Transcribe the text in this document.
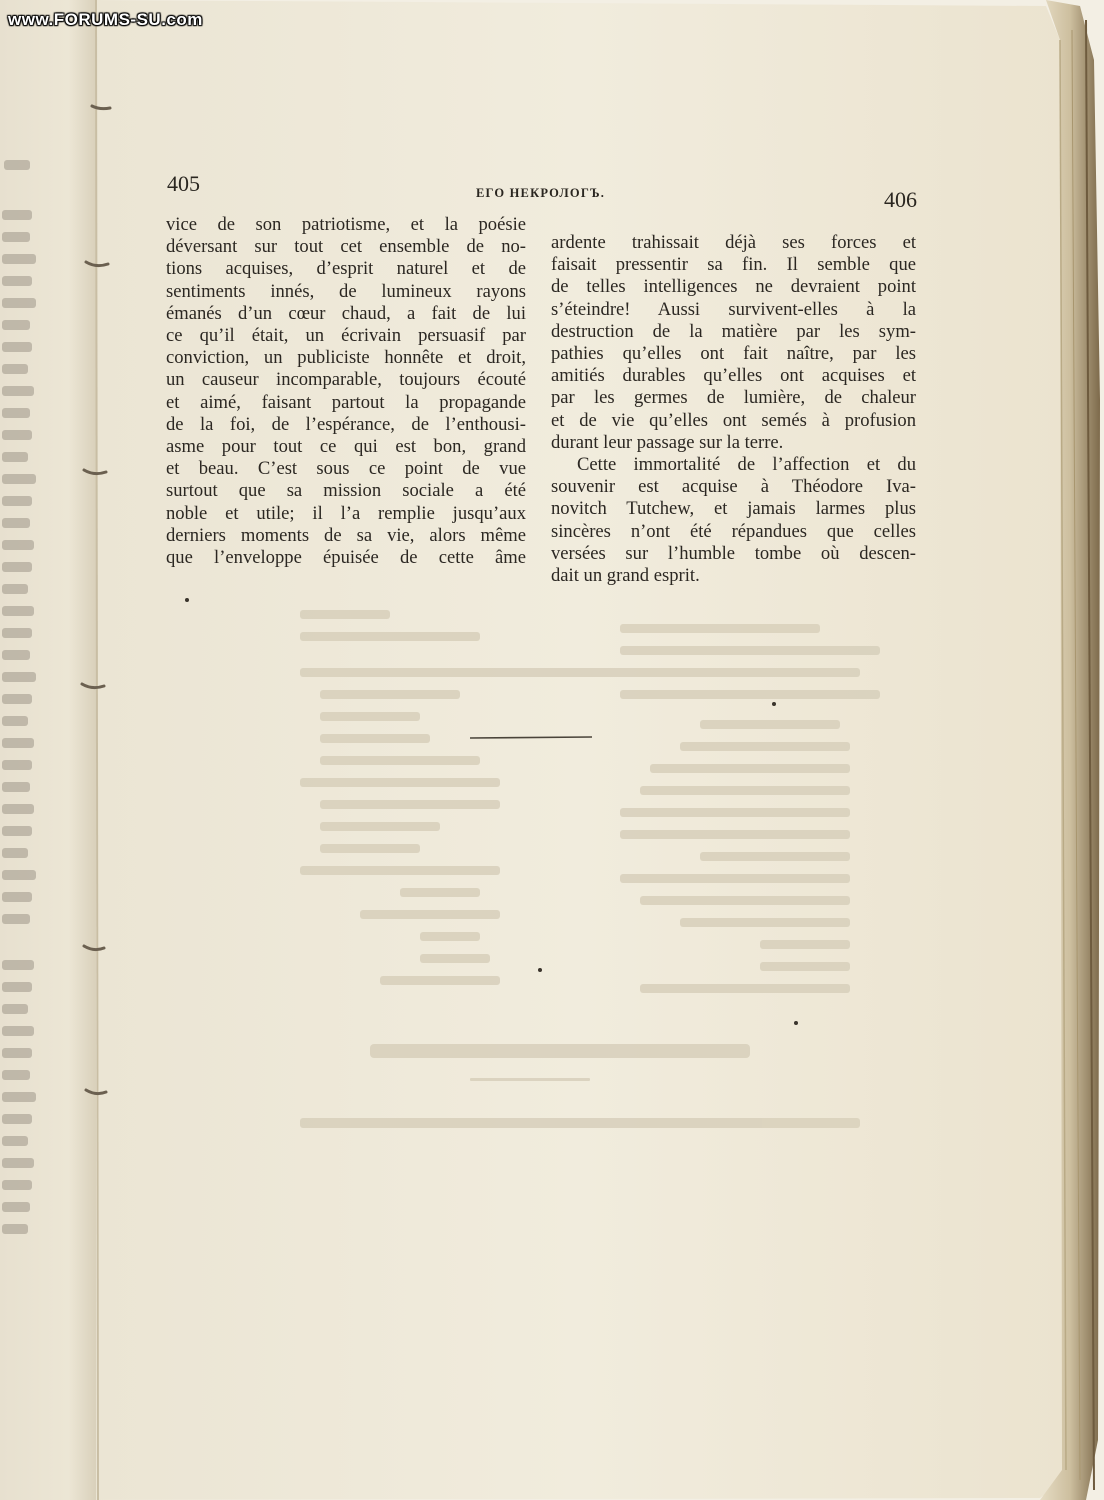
www.FORUMS-SU.com
405	ЕГО НЕКРОЛОГЪ.	406
vice de son patriotisme, et la poésie
déversant sur tout cet ensemble de no-
tions acquises, d’esprit naturel et de
sentiments innés, de lumineux rayons
émanés d’un cœur chaud, a fait de lui
ce qu’il était, un écrivain persuasif par
conviction, un publiciste honnête et droit,
un causeur incomparable, toujours écouté
et aimé, faisant partout la propagande
de la foi, de l’espérance, de l’enthousi-
asme pour tout ce qui est bon, grand
et beau. C’est sous ce point de vue
surtout que sa mission sociale a été
noble et utile; il l’a remplie jusqu’aux
derniers moments de sa vie, alors même
que l’enveloppe épuisée de cette âme
ardente trahissait déjà ses forces et
faisait pressentir sa fin. Il semble que
de telles intelligences ne devraient point
s’éteindre! Aussi survivent-elles à la
destruction de la matière par les sym-
pathies qu’elles ont fait naître, par les
amitiés durables qu’elles ont acquises et
par les germes de lumière, de chaleur
et de vie qu’elles ont semés à profusion
durant leur passage sur la terre.
Cette immortalité de l’affection et du
souvenir est acquise à Théodore Iva-
novitch Tutchew, et jamais larmes plus
sincères n’ont été répandues que celles
versées sur l’humble tombe où descen-
dait un grand esprit.
